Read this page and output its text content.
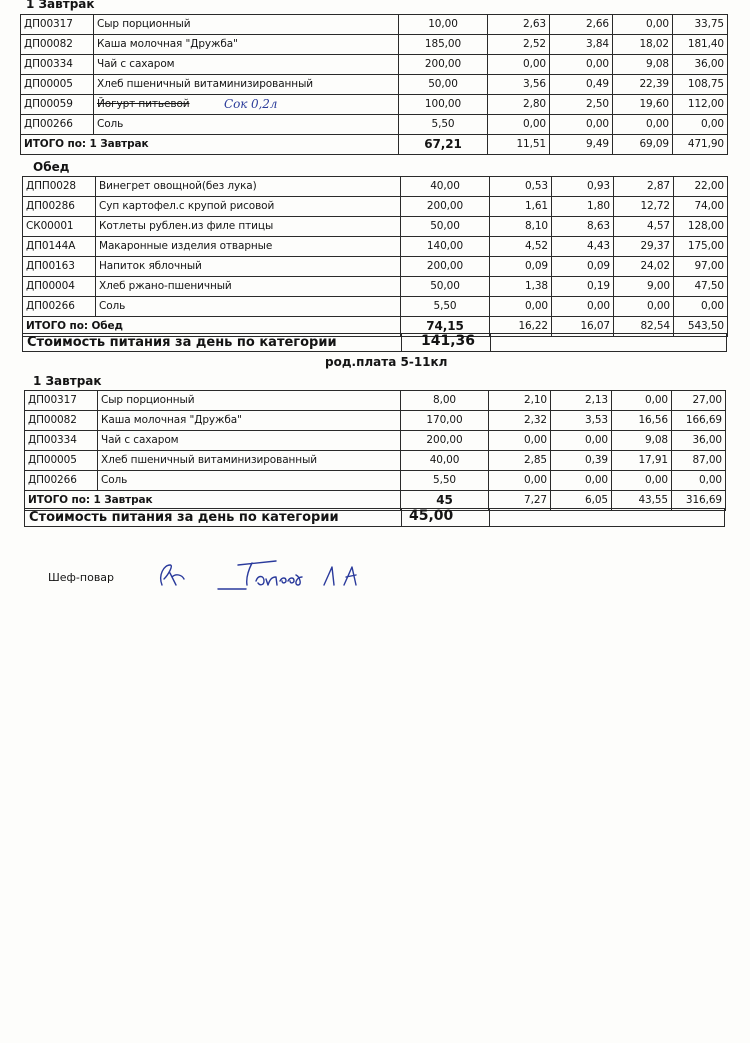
1 Завтрак
ДП00317	Сыр порционный	10,00	2,63	2,66	0,00	33,75
ДП00082	Каша молочная "Дружба"	185,00	2,52	3,84	18,02	181,40
ДП00334	Чай с сахаром	200,00	0,00	0,00	9,08	36,00
ДП00005	Хлеб пшеничный витаминизированный	50,00	3,56	0,49	22,39	108,75
ДП00059	Йогурт питьевой Сок 0,2л	100,00	2,80	2,50	19,60	112,00
ДП00266	Соль	5,50	0,00	0,00	0,00	0,00
ИТОГО по: 1 Завтрак		67,21	11,51	9,49	69,09	471,90
Обед
ДПП0028	Винегрет овощной(без лука)	40,00	0,53	0,93	2,87	22,00
ДП00286	Суп картофел.с крупой рисовой	200,00	1,61	1,80	12,72	74,00
СК00001	Котлеты рублен.из филе птицы	50,00	8,10	8,63	4,57	128,00
ДП0144А	Макаронные изделия отварные	140,00	4,52	4,43	29,37	175,00
ДП00163	Напиток яблочный	200,00	0,09	0,09	24,02	97,00
ДП00004	Хлеб ржано-пшеничный	50,00	1,38	0,19	9,00	47,50
ДП00266	Соль	5,50	0,00	0,00	0,00	0,00
ИТОГО по: Обед		74,15	16,22	16,07	82,54	543,50
Стоимость питания за день по категории	141,36
род.плата 5-11кл
1 Завтрак
ДП00317	Сыр порционный	8,00	2,10	2,13	0,00	27,00
ДП00082	Каша молочная "Дружба"	170,00	2,32	3,53	16,56	166,69
ДП00334	Чай с сахаром	200,00	0,00	0,00	9,08	36,00
ДП00005	Хлеб пшеничный витаминизированный	40,00	2,85	0,39	17,91	87,00
ДП00266	Соль	5,50	0,00	0,00	0,00	0,00
ИТОГО по: 1 Завтрак		45	7,27	6,05	43,55	316,69
Стоимость питания за день по категории	45,00
Шеф-повар
